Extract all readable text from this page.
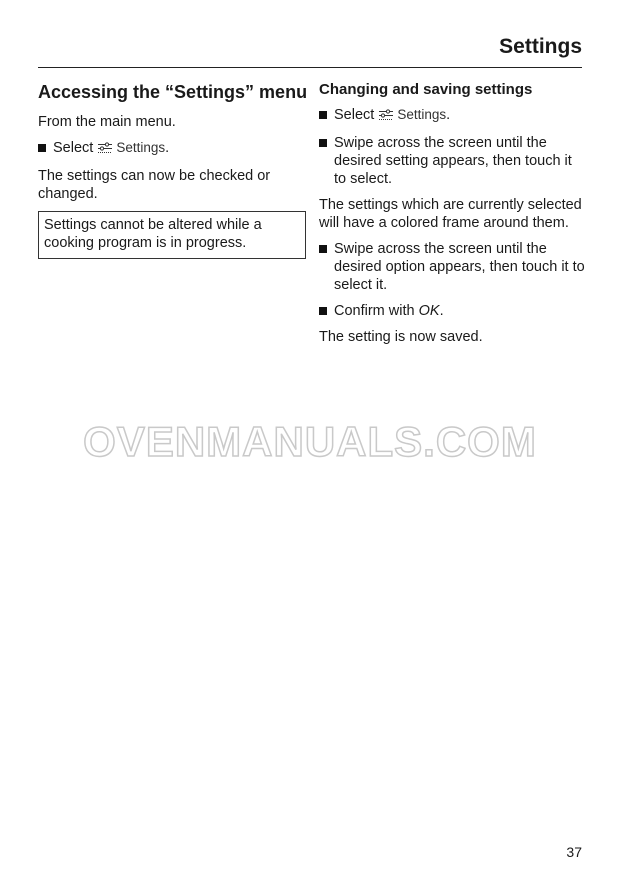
Settings
Accessing the “Settings” menu

From the main menu.

Select Settings.

The settings can now be checked or changed.

Settings cannot be altered while a cooking program is in progress.
Changing and saving settings
Select Settings.
Swipe across the screen until the desired setting appears, then touch it to select.

The settings which are currently selected will have a colored frame around them.

Swipe across the screen until the desired option appears, then touch it to select it.
Confirm with OK.

The setting is now saved.

OVENMANUALS.COM
37
